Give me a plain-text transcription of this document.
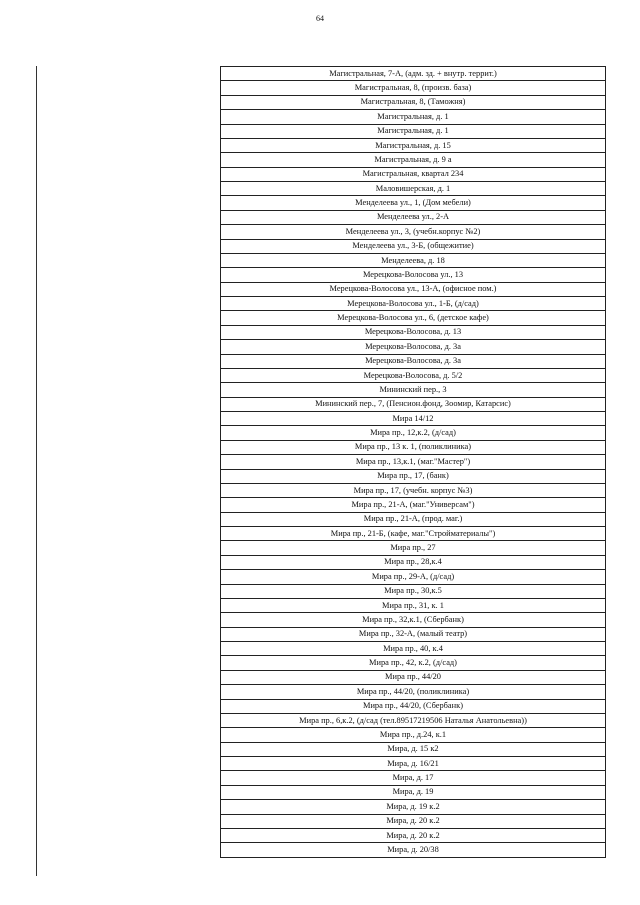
64
Магистральная, 7-А, (адм. зд. + внутр. террит.)
Магистральная, 8, (произв. база)
Магистральная, 8, (Таможня)
Магистральная, д. 1
Магистральная, д. 1
Магистральная, д. 15
Магистральная, д. 9 а
Магистральная, квартал 234
Маловишерская, д. 1
Менделеева ул., 1, (Дом мебели)
Менделеева ул., 2-А
Менделеева ул., 3, (учебн.корпус №2)
Менделеева ул., 3-Б, (общежитие)
Менделеева, д. 18
Мерецкова-Волосова ул., 13
Мерецкова-Волосова ул., 13-А, (офисное пом.)
Мерецкова-Волосова ул., 1-Б, (д/сад)
Мерецкова-Волосова ул., 6, (детское кафе)
Мерецкова-Волосова, д. 13
Мерецкова-Волосова, д. 3а
Мерецкова-Волосова, д. 3а
Мерецкова-Волосова, д. 5/2
Мининский пер., 3
Мининский пер., 7, (Пенсион.фонд, Зоомир, Катарсис)
Мира 14/12
Мира пр., 12,к.2, (д/сад)
Мира пр., 13 к. 1, (поликлиника)
Мира пр., 13,к.1, (маг."Мастер")
Мира пр., 17, (банк)
Мира пр., 17, (учебн. корпус №3)
Мира пр., 21-А, (маг."Универсам")
Мира пр., 21-А, (прод. маг.)
Мира пр., 21-Б, (кафе, маг."Стройматериалы")
Мира пр., 27
Мира пр., 28,к.4
Мира пр., 29-А, (д/сад)
Мира пр., 30,к.5
Мира пр., 31, к. 1
Мира пр., 32,к.1, (Сбербанк)
Мира пр., 32-А, (малый театр)
Мира пр., 40, к.4
Мира пр., 42, к.2, (д/сад)
Мира пр., 44/20
Мира пр., 44/20, (поликлиника)
Мира пр., 44/20, (Сбербанк)
Мира пр., 6,к.2, (д/сад (тел.89517219506 Наталья Анатольевна))
Мира пр., д.24, к.1
Мира, д. 15 к2
Мира, д. 16/21
Мира, д. 17
Мира, д. 19
Мира, д. 19 к.2
Мира, д. 20 к.2
Мира, д. 20 к.2
Мира, д. 20/38
